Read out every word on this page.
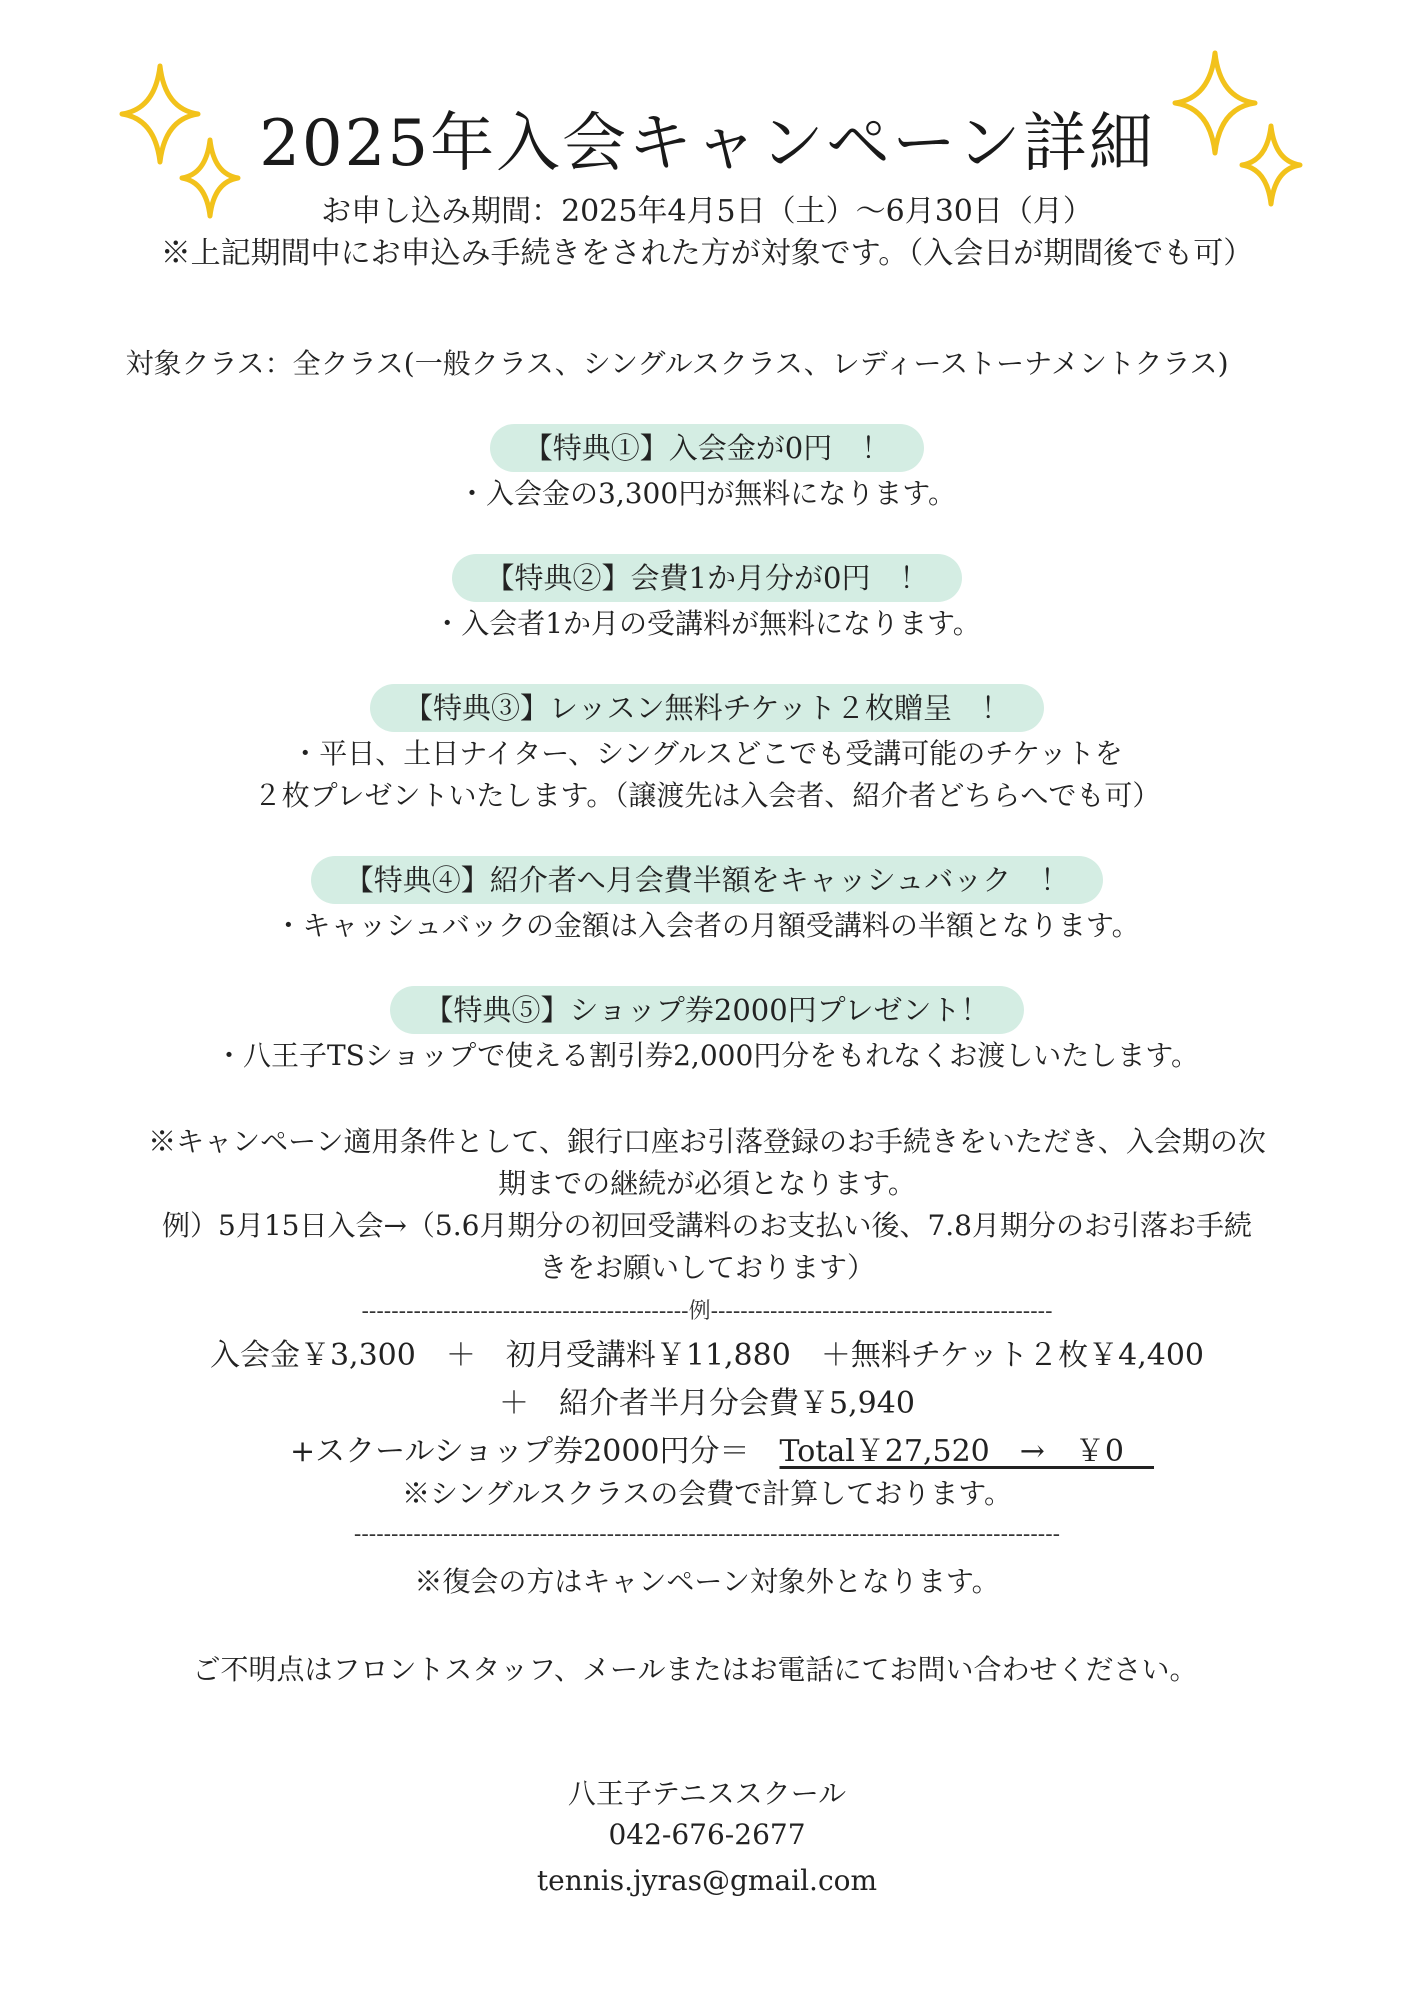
2025年入会キャンペーン詳細
お申し込み期間：2025年4月5日（土）～6月30日（月）
※上記期間中にお申込み手続きをされた方が対象です。（入会日が期間後でも可）
対象クラス：全クラス(一般クラス、シングルスクラス、レディーストーナメントクラス)
【特典①】入会金が0円　！
・入会金の3,300円が無料になります。
【特典②】会費1か月分が0円　！
・入会者1か月の受講料が無料になります。
【特典③】レッスン無料チケット２枚贈呈　！
・平日、土日ナイター、シングルスどこでも受講可能のチケットを
２枚プレゼントいたします。（譲渡先は入会者、紹介者どちらへでも可）
【特典④】紹介者へ月会費半額をキャッシュバック　！
・キャッシュバックの金額は入会者の月額受講料の半額となります。
【特典⑤】ショップ券2000円プレゼント！
・八王子TSショップで使える割引券2,000円分をもれなくお渡しいたします。
※キャンペーン適用条件として、銀行口座お引落登録のお手続きをいただき、入会期の次
期までの継続が必須となります。
例）5月15日入会→（5.6月期分の初回受講料のお支払い後、7.8月期分のお引落お手続
きをお願いしております）
--------------------------------------------例----------------------------------------------
入会金￥3,300　＋　初月受講料￥11,880　＋無料チケット２枚￥4,400
＋　紹介者半月分会費￥5,940
+スクールショップ券2000円分＝　Total￥27,520　→　￥0　
※シングルスクラスの会費で計算しております。
-----------------------------------------------------------------------------------------------
※復会の方はキャンペーン対象外となります。
ご不明点はフロントスタッフ、メールまたはお電話にてお問い合わせください。
八王子テニススクール
042-676-2677
tennis.jyras@gmail.com
